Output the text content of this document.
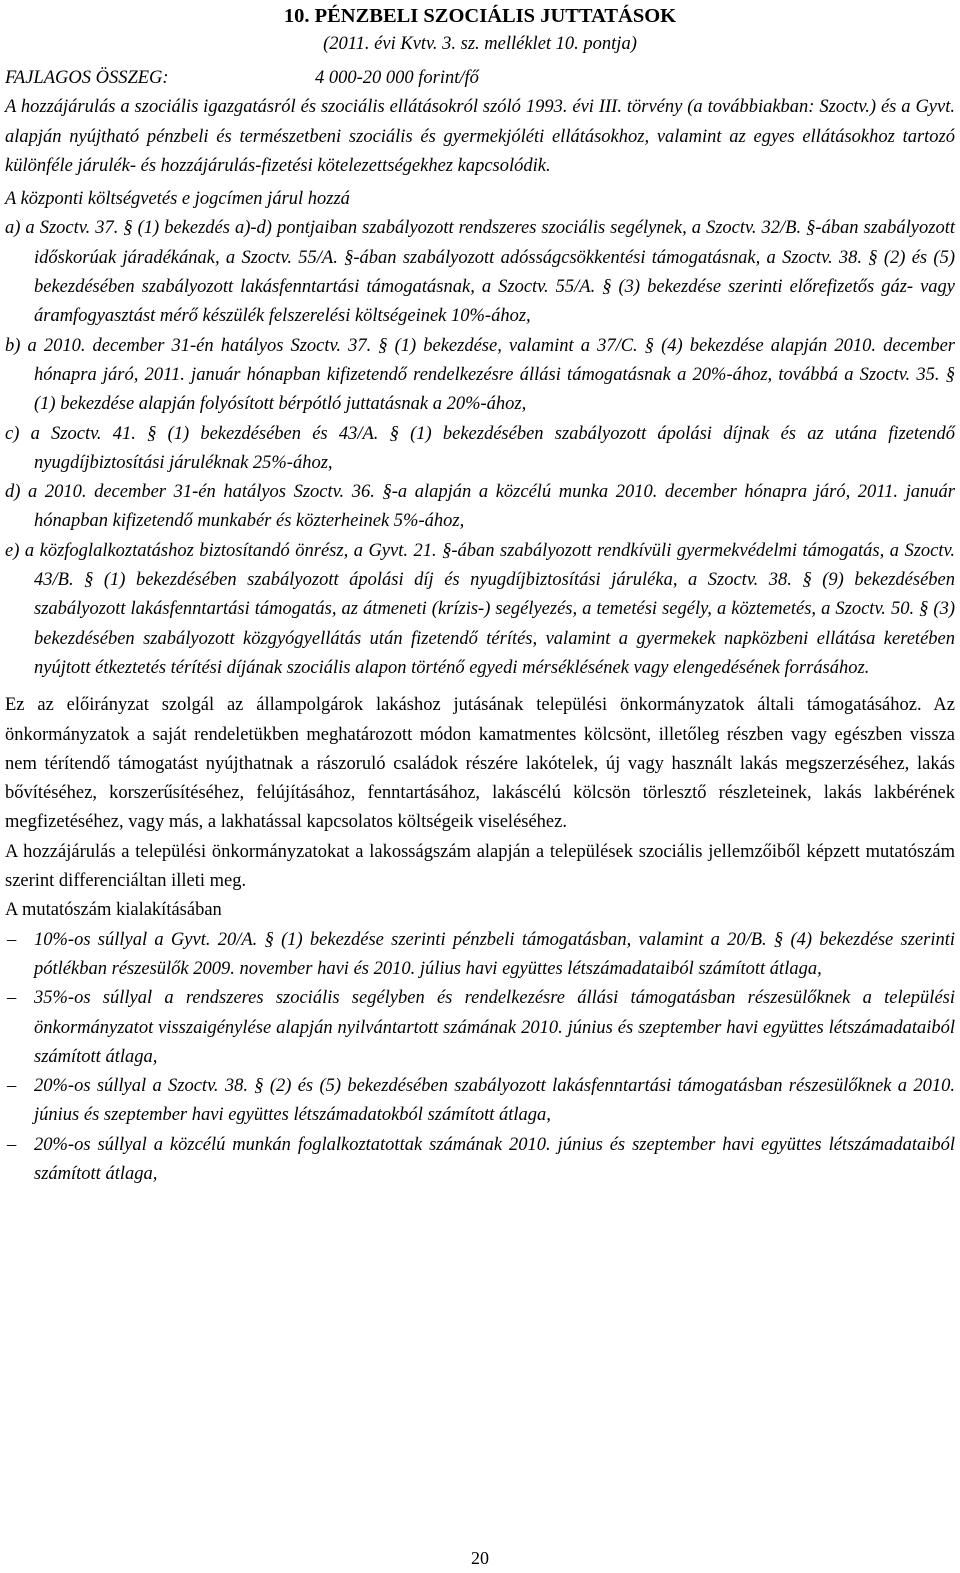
10. PÉNZBELI SZOCIÁLIS JUTTATÁSOK
(2011. évi Kvtv. 3. sz. melléklet 10. pontja)
FAJLAGOS ÖSSZEG:	4 000-20 000 forint/fő

A hozzájárulás a szociális igazgatásról és szociális ellátásokról szóló 1993. évi III. törvény (a továbbiakban: Szoctv.) és a Gyvt. alapján nyújtható pénzbeli és természetbeni szociális és gyermekjóléti ellátásokhoz, valamint az egyes ellátásokhoz tartozó különféle járulék- és hozzájárulás-fizetési kötelezettségekhez kapcsolódik.

A központi költségvetés e jogcímen járul hozzá

a) a Szoctv. 37. § (1) bekezdés a)-d) pontjaiban szabályozott rendszeres szociális segélynek, a Szoctv. 32/B. §-ában szabályozott időskorúak járadékának, a Szoctv. 55/A. §-ában szabályozott adósságcsökkentési támogatásnak, a Szoctv. 38. § (2) és (5) bekezdésében szabályozott lakásfenntartási támogatásnak, a Szoctv. 55/A. § (3) bekezdése szerinti előrefizetős gáz- vagy áramfogyasztást mérő készülék felszerelési költségeinek 10%-ához,

b) a 2010. december 31-én hatályos Szoctv. 37. § (1) bekezdése, valamint a 37/C. § (4) bekezdése alapján 2010. december hónapra járó, 2011. január hónapban kifizetendő rendelkezésre állási támogatásnak a 20%-ához, továbbá a Szoctv. 35. § (1) bekezdése alapján folyósított bérpótló juttatásnak a 20%-ához,

c) a Szoctv. 41. § (1) bekezdésében és 43/A. § (1) bekezdésében szabályozott ápolási díjnak és az utána fizetendő nyugdíjbiztosítási járuléknak 25%-ához,

d) a 2010. december 31-én hatályos Szoctv. 36. §-a alapján a közcélú munka 2010. december hónapra járó, 2011. január hónapban kifizetendő munkabér és közterheinek 5%-ához,

e) a közfoglalkoztatáshoz biztosítandó önrész, a Gyvt. 21. §-ában szabályozott rendkívüli gyermekvédelmi támogatás, a Szoctv. 43/B. § (1) bekezdésében szabályozott ápolási díj és nyugdíjbiztosítási járuléka, a Szoctv. 38. § (9) bekezdésében szabályozott lakásfenntartási támogatás, az átmeneti (krízis-) segélyezés, a temetési segély, a köztemetés, a Szoctv. 50. § (3) bekezdésében szabályozott közgyógyellátás után fizetendő térítés, valamint a gyermekek napközbeni ellátása keretében nyújtott étkeztetés térítési díjának szociális alapon történő egyedi mérséklésének vagy elengedésének forrásához.

Ez az előirányzat szolgál az állampolgárok lakáshoz jutásának települési önkormányzatok általi támogatásához. Az önkormányzatok a saját rendeletükben meghatározott módon kamatmentes kölcsönt, illetőleg részben vagy egészben vissza nem térítendő támogatást nyújthatnak a rászoruló családok részére lakótelek, új vagy használt lakás megszerzéséhez, lakás bővítéséhez, korszerűsítéséhez, felújításához, fenntartásához, lakáscélú kölcsön törlesztő részleteinek, lakás lakbérének megfizetéséhez, vagy más, a lakhatással kapcsolatos költségeik viseléséhez.

A hozzájárulás a települési önkormányzatokat a lakosságszám alapján a települések szociális jellemzőiből képzett mutatószám szerint differenciáltan illeti meg.

A mutatószám kialakításában

– 10%-os súllyal a Gyvt. 20/A. § (1) bekezdése szerinti pénzbeli támogatásban, valamint a 20/B. § (4) bekezdése szerinti pótlékban részesülők 2009. november havi és 2010. július havi együttes létszámadataiból számított átlaga,
– 35%-os súllyal a rendszeres szociális segélyben és rendelkezésre állási támogatásban részesülőknek a települési önkormányzatot visszaigénylése alapján nyilvántartott számának 2010. június és szeptember havi együttes létszámadataiból számított átlaga,
– 20%-os súllyal a Szoctv. 38. § (2) és (5) bekezdésében szabályozott lakásfenntartási támogatásban részesülőknek a 2010. június és szeptember havi együttes létszámadatokból számított átlaga,
– 20%-os súllyal a közcélú munkán foglalkoztatottak számának 2010. június és szeptember havi együttes létszámadataiból számított átlaga,
20
